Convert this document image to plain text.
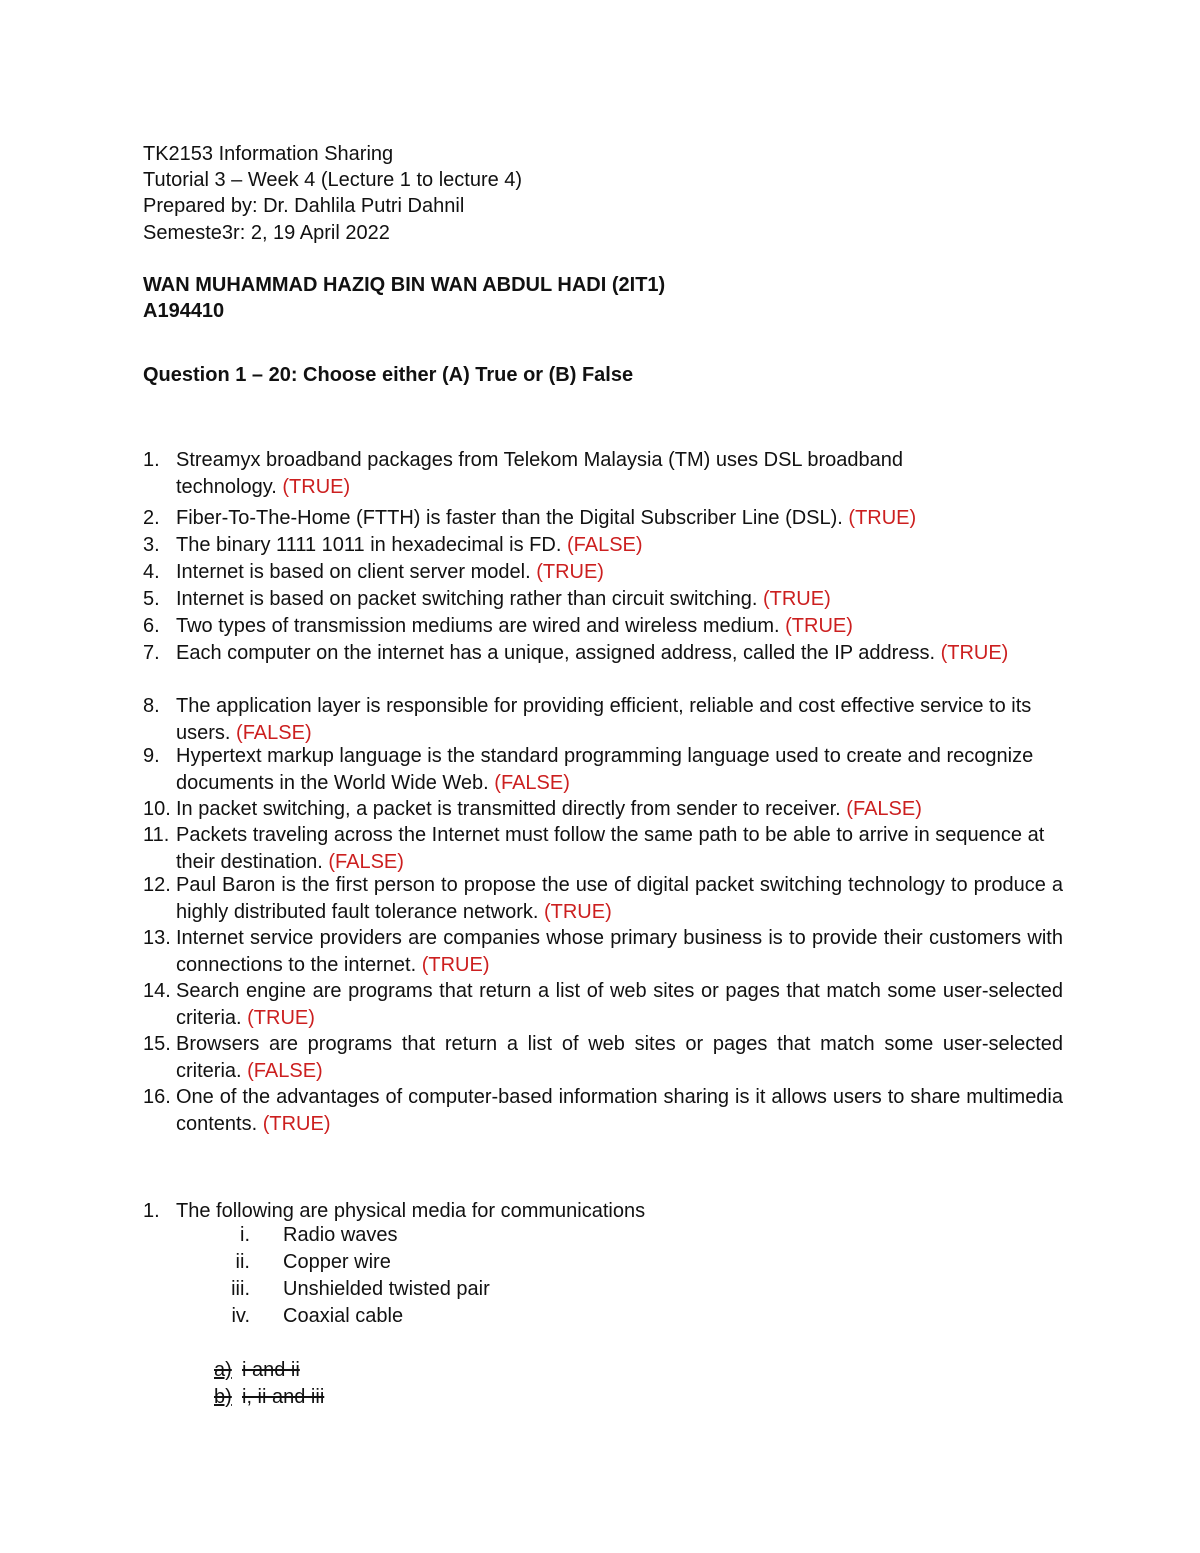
TK2153 Information Sharing
Tutorial 3 – Week 4 (Lecture 1 to lecture 4)
Prepared by: Dr. Dahlila Putri Dahnil
Semeste3r: 2, 19 April 2022
WAN MUHAMMAD HAZIQ BIN WAN ABDUL HADI (2IT1)
A194410
Question 1 – 20: Choose either (A) True or (B) False
1. Streamyx broadband packages from Telekom Malaysia (TM) uses DSL broadband technology. (TRUE)
2. Fiber-To-The-Home (FTTH) is faster than the Digital Subscriber Line (DSL). (TRUE)
3. The binary 1111 1011 in hexadecimal is FD. (FALSE)
4. Internet is based on client server model. (TRUE)
5. Internet is based on packet switching rather than circuit switching. (TRUE)
6. Two types of transmission mediums are wired and wireless medium. (TRUE)
7. Each computer on the internet has a unique, assigned address, called the IP address. (TRUE)
8. The application layer is responsible for providing efficient, reliable and cost effective service to its users. (FALSE)
9. Hypertext markup language is the standard programming language used to create and recognize documents in the World Wide Web. (FALSE)
10. In packet switching, a packet is transmitted directly from sender to receiver. (FALSE)
11. Packets traveling across the Internet must follow the same path to be able to arrive in sequence at their destination. (FALSE)
12. Paul Baron is the first person to propose the use of digital packet switching technology to produce a highly distributed fault tolerance network. (TRUE)
13. Internet service providers are companies whose primary business is to provide their customers with connections to the internet. (TRUE)
14. Search engine are programs that return a list of web sites or pages that match some user-selected criteria. (TRUE)
15. Browsers are programs that return a list of web sites or pages that match some user-selected criteria. (FALSE)
16. One of the advantages of computer-based information sharing is it allows users to share multimedia contents. (TRUE)
1. The following are physical media for communications
i. Radio waves
ii. Copper wire
iii. Unshielded twisted pair
iv. Coaxial cable
a) i and ii
b) i, ii and iii
